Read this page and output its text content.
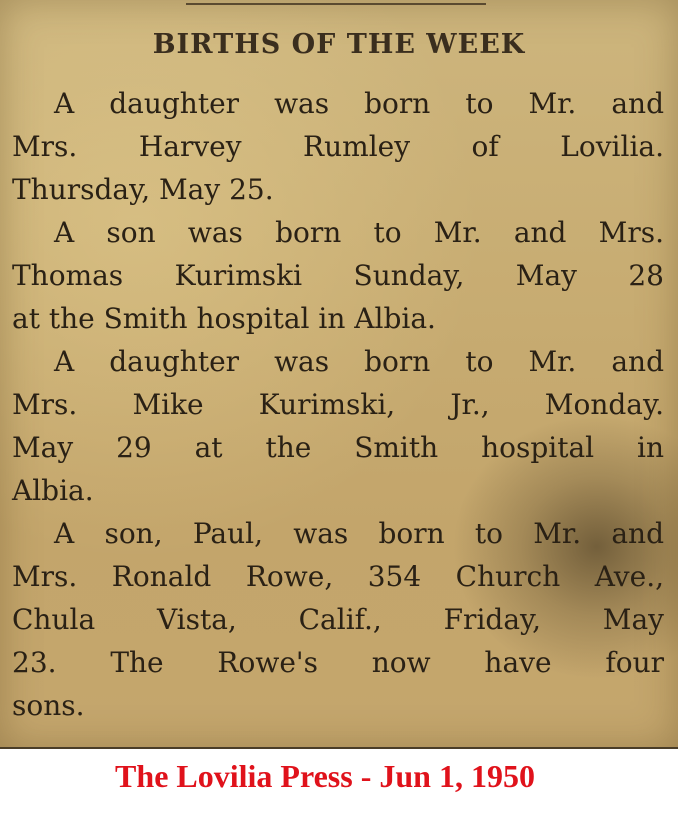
BIRTHS OF THE WEEK
A daughter was born to Mr. and
Mrs. Harvey Rumley of Lovilia.
Thursday, May 25.
A son was born to Mr. and Mrs.
Thomas Kurimski Sunday, May 28
at the Smith hospital in Albia.
A daughter was born to Mr. and
Mrs. Mike Kurimski, Jr., Monday.
May 29 at the Smith hospital in
Albia.
A son, Paul, was born to Mr. and
Mrs. Ronald Rowe, 354 Church Ave.,
Chula Vista, Calif., Friday, May
23. The Rowe's now have four
sons.
The Lovilia Press - Jun 1, 1950
